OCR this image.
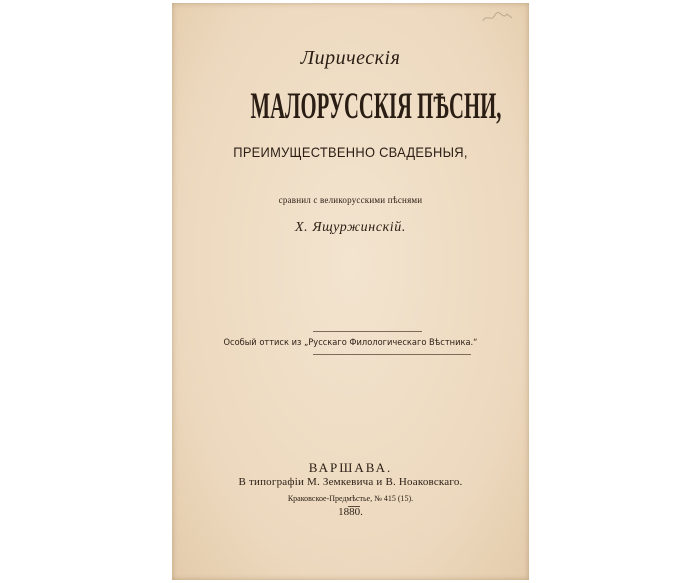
Лирическія
МАЛОРУССКІЯ ПѢСНИ,
ПРЕИМУЩЕСТВЕННО СВАДЕБНЫЯ,
сравнил с великорусскими пѣснями
Х. Ящуржинскій.
Особый оттиск из „Русскаго Филологическаго Вѣстника.“
ВАРШАВА.
В типографіи М. Земкевича и В. Ноаковскаго.
Краковское-Предмѣстье, № 415 (15).
1880.
